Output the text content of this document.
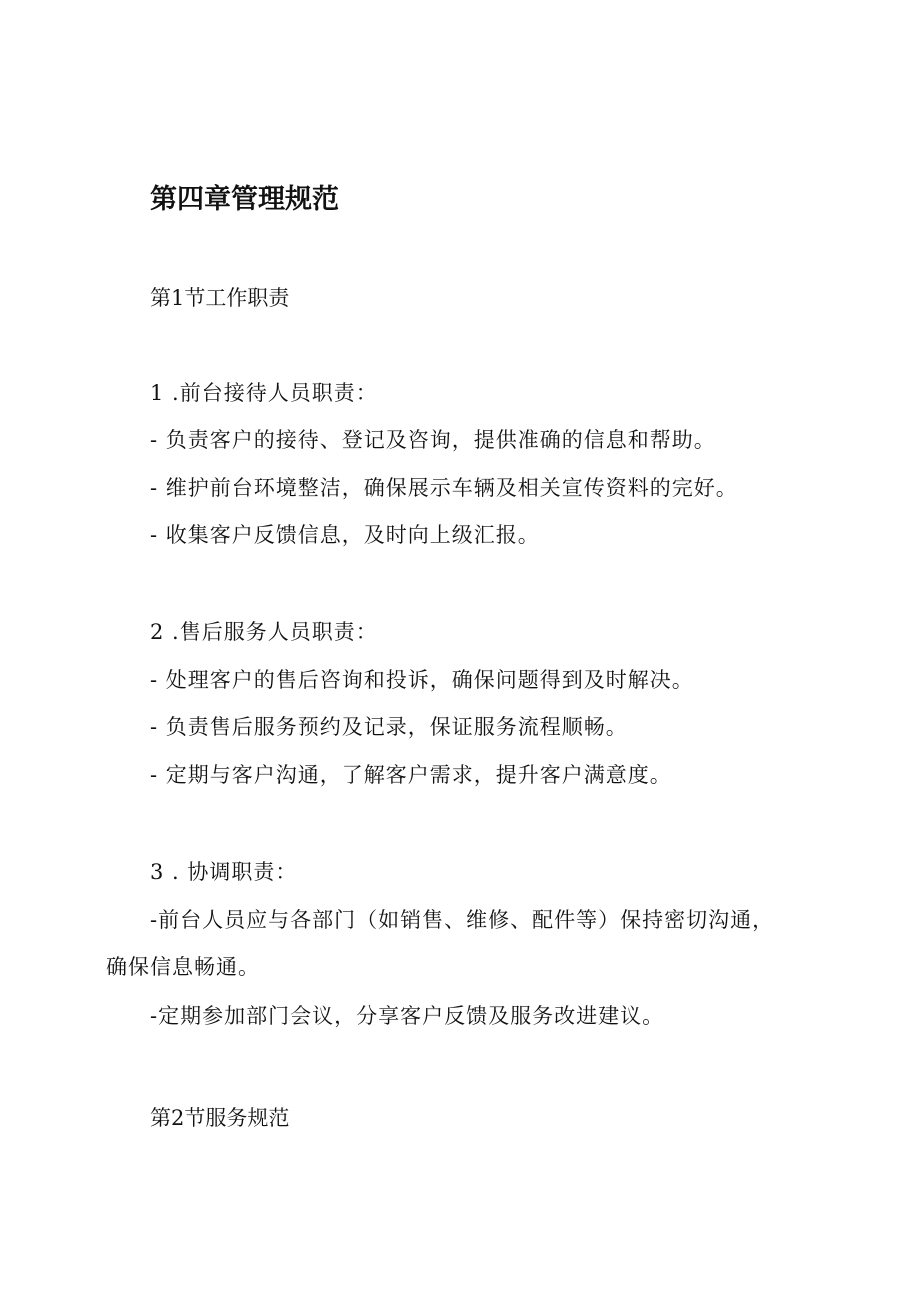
第四章管理规范
第1节工作职责
1 .前台接待人员职责：
- 负责客户的接待、登记及咨询，提供准确的信息和帮助。
- 维护前台环境整洁，确保展示车辆及相关宣传资料的完好。
- 收集客户反馈信息，及时向上级汇报。
2 .售后服务人员职责：
- 处理客户的售后咨询和投诉，确保问题得到及时解决。
- 负责售后服务预约及记录，保证服务流程顺畅。
- 定期与客户沟通，了解客户需求，提升客户满意度。
3 . 协调职责：
-前台人员应与各部门（如销售、维修、配件等）保持密切沟通，
确保信息畅通。
-定期参加部门会议，分享客户反馈及服务改进建议。
第2节服务规范
